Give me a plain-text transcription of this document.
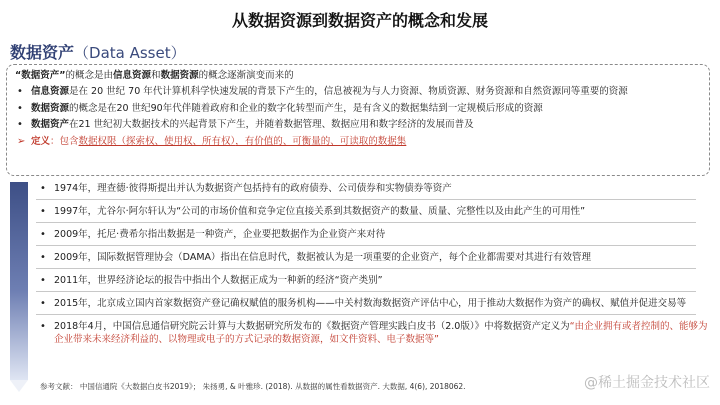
从数据资源到数据资产的概念和发展
数据资产（Data Asset）
“数据资产”的概念是由信息资源和数据资源的概念逐渐演变而来的
• 信息资源是在 20 世纪 70 年代计算机科学快速发展的背景下产生的，信息被视为与人力资源、物质资源、财务资源和自然资源同等重要的资源
• 数据资源的概念是在20 世纪90年代伴随着政府和企业的数字化转型而产生，是有含义的数据集结到一定规模后形成的资源
• 数据资产在21 世纪初大数据技术的兴起背景下产生，并随着数据管理、数据应用和数字经济的发展而普及
➢ 定义：包含数据权限（探索权、使用权、所有权），有价值的、可衡量的、可读取的数据集
• 1974年，理查德·彼得斯提出并认为数据资产包括持有的政府债券、公司债券和实物债券等资产
• 1997年，尤谷尔·阿尔轩认为“公司的市场价值和竞争定位直接关系到其数据资产的数量、质量、完整性以及由此产生的可用性”
• 2009年，托尼·费希尔指出数据是一种资产，企业要把数据作为企业资产来对待
• 2009年，国际数据管理协会（DAMA）指出在信息时代，数据被认为是一项重要的企业资产，每个企业都需要对其进行有效管理
• 2011年，世界经济论坛的报告中指出个人数据正成为一种新的经济“资产类别”
• 2015年，北京成立国内首家数据资产登记确权赋值的服务机构——中关村数海数据资产评估中心，用于推动大数据作为资产的确权、赋值并促进交易等
• 2018年4月，中国信息通信研究院云计算与大数据研究所发布的《数据资产管理实践白皮书（2.0版）》中将数据资产定义为“由企业拥有或者控制的、能够为企业带来未来经济利益的、以物理或电子的方式记录的数据资源，如文件资料、电子数据等”
参考文献： 中国信通院《大数据白皮书2019》； 朱扬勇, & 叶雅珍. (2018). 从数据的属性看数据资产. 大数据, 4(6), 2018062.	@稀土掘金技术社区
